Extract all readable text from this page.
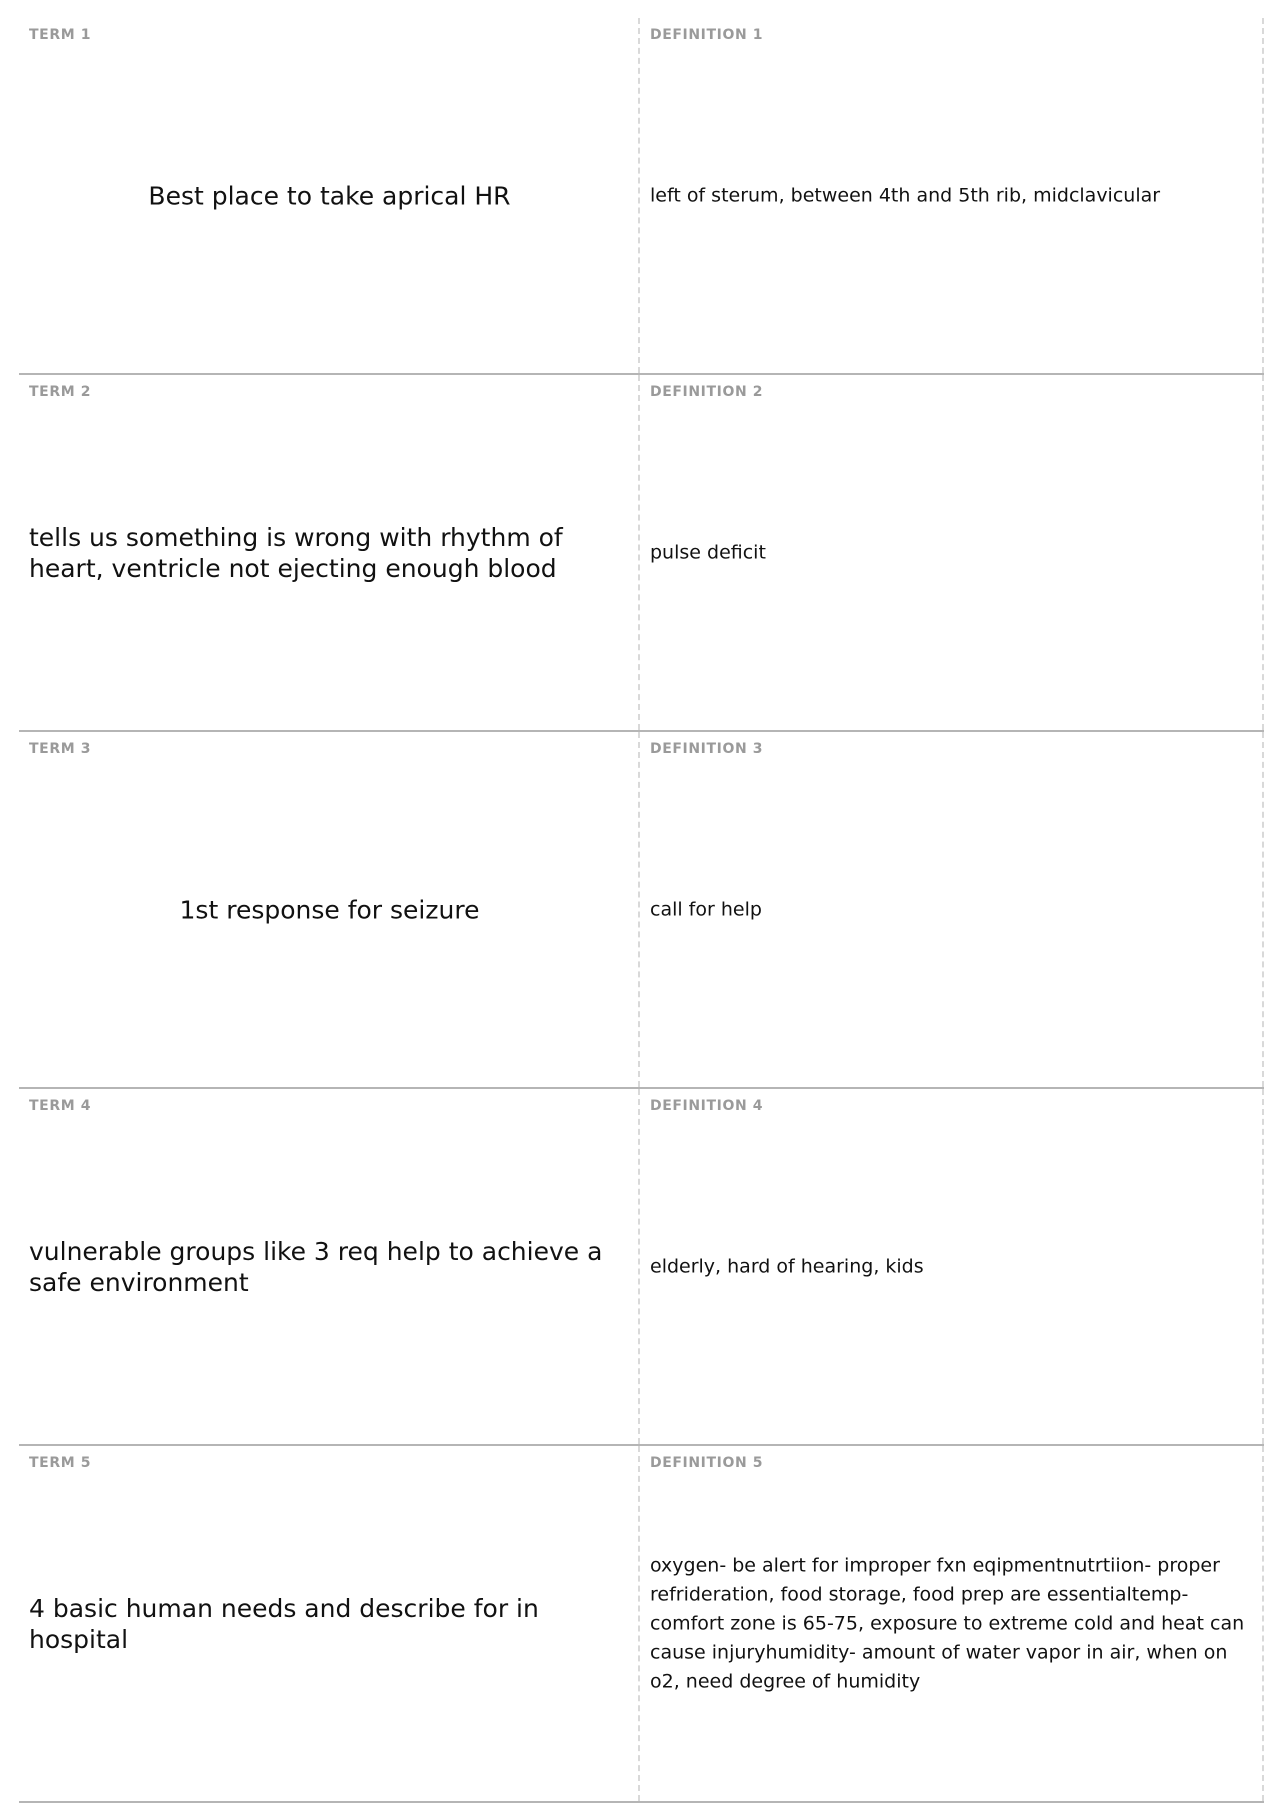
TERM 1
Best place to take aprical HR
DEFINITION 1
left of sterum, between 4th and 5th rib, midclavicular
TERM 2
tells us something is wrong with rhythm of heart, ventricle not ejecting enough blood
DEFINITION 2
pulse deficit
TERM 3
1st response for seizure
DEFINITION 3
call for help
TERM 4
vulnerable groups like 3 req help to achieve a safe environment
DEFINITION 4
elderly, hard of hearing, kids
TERM 5
4 basic human needs and describe for in hospital
DEFINITION 5
oxygen- be alert for improper fxn eqipmentnutrtiion- proper refrideration, food storage, food prep are essentialtemp- comfort zone is 65-75, exposure to extreme cold and heat can cause injuryhumidity- amount of water vapor in air, when on o2, need degree of humidity
